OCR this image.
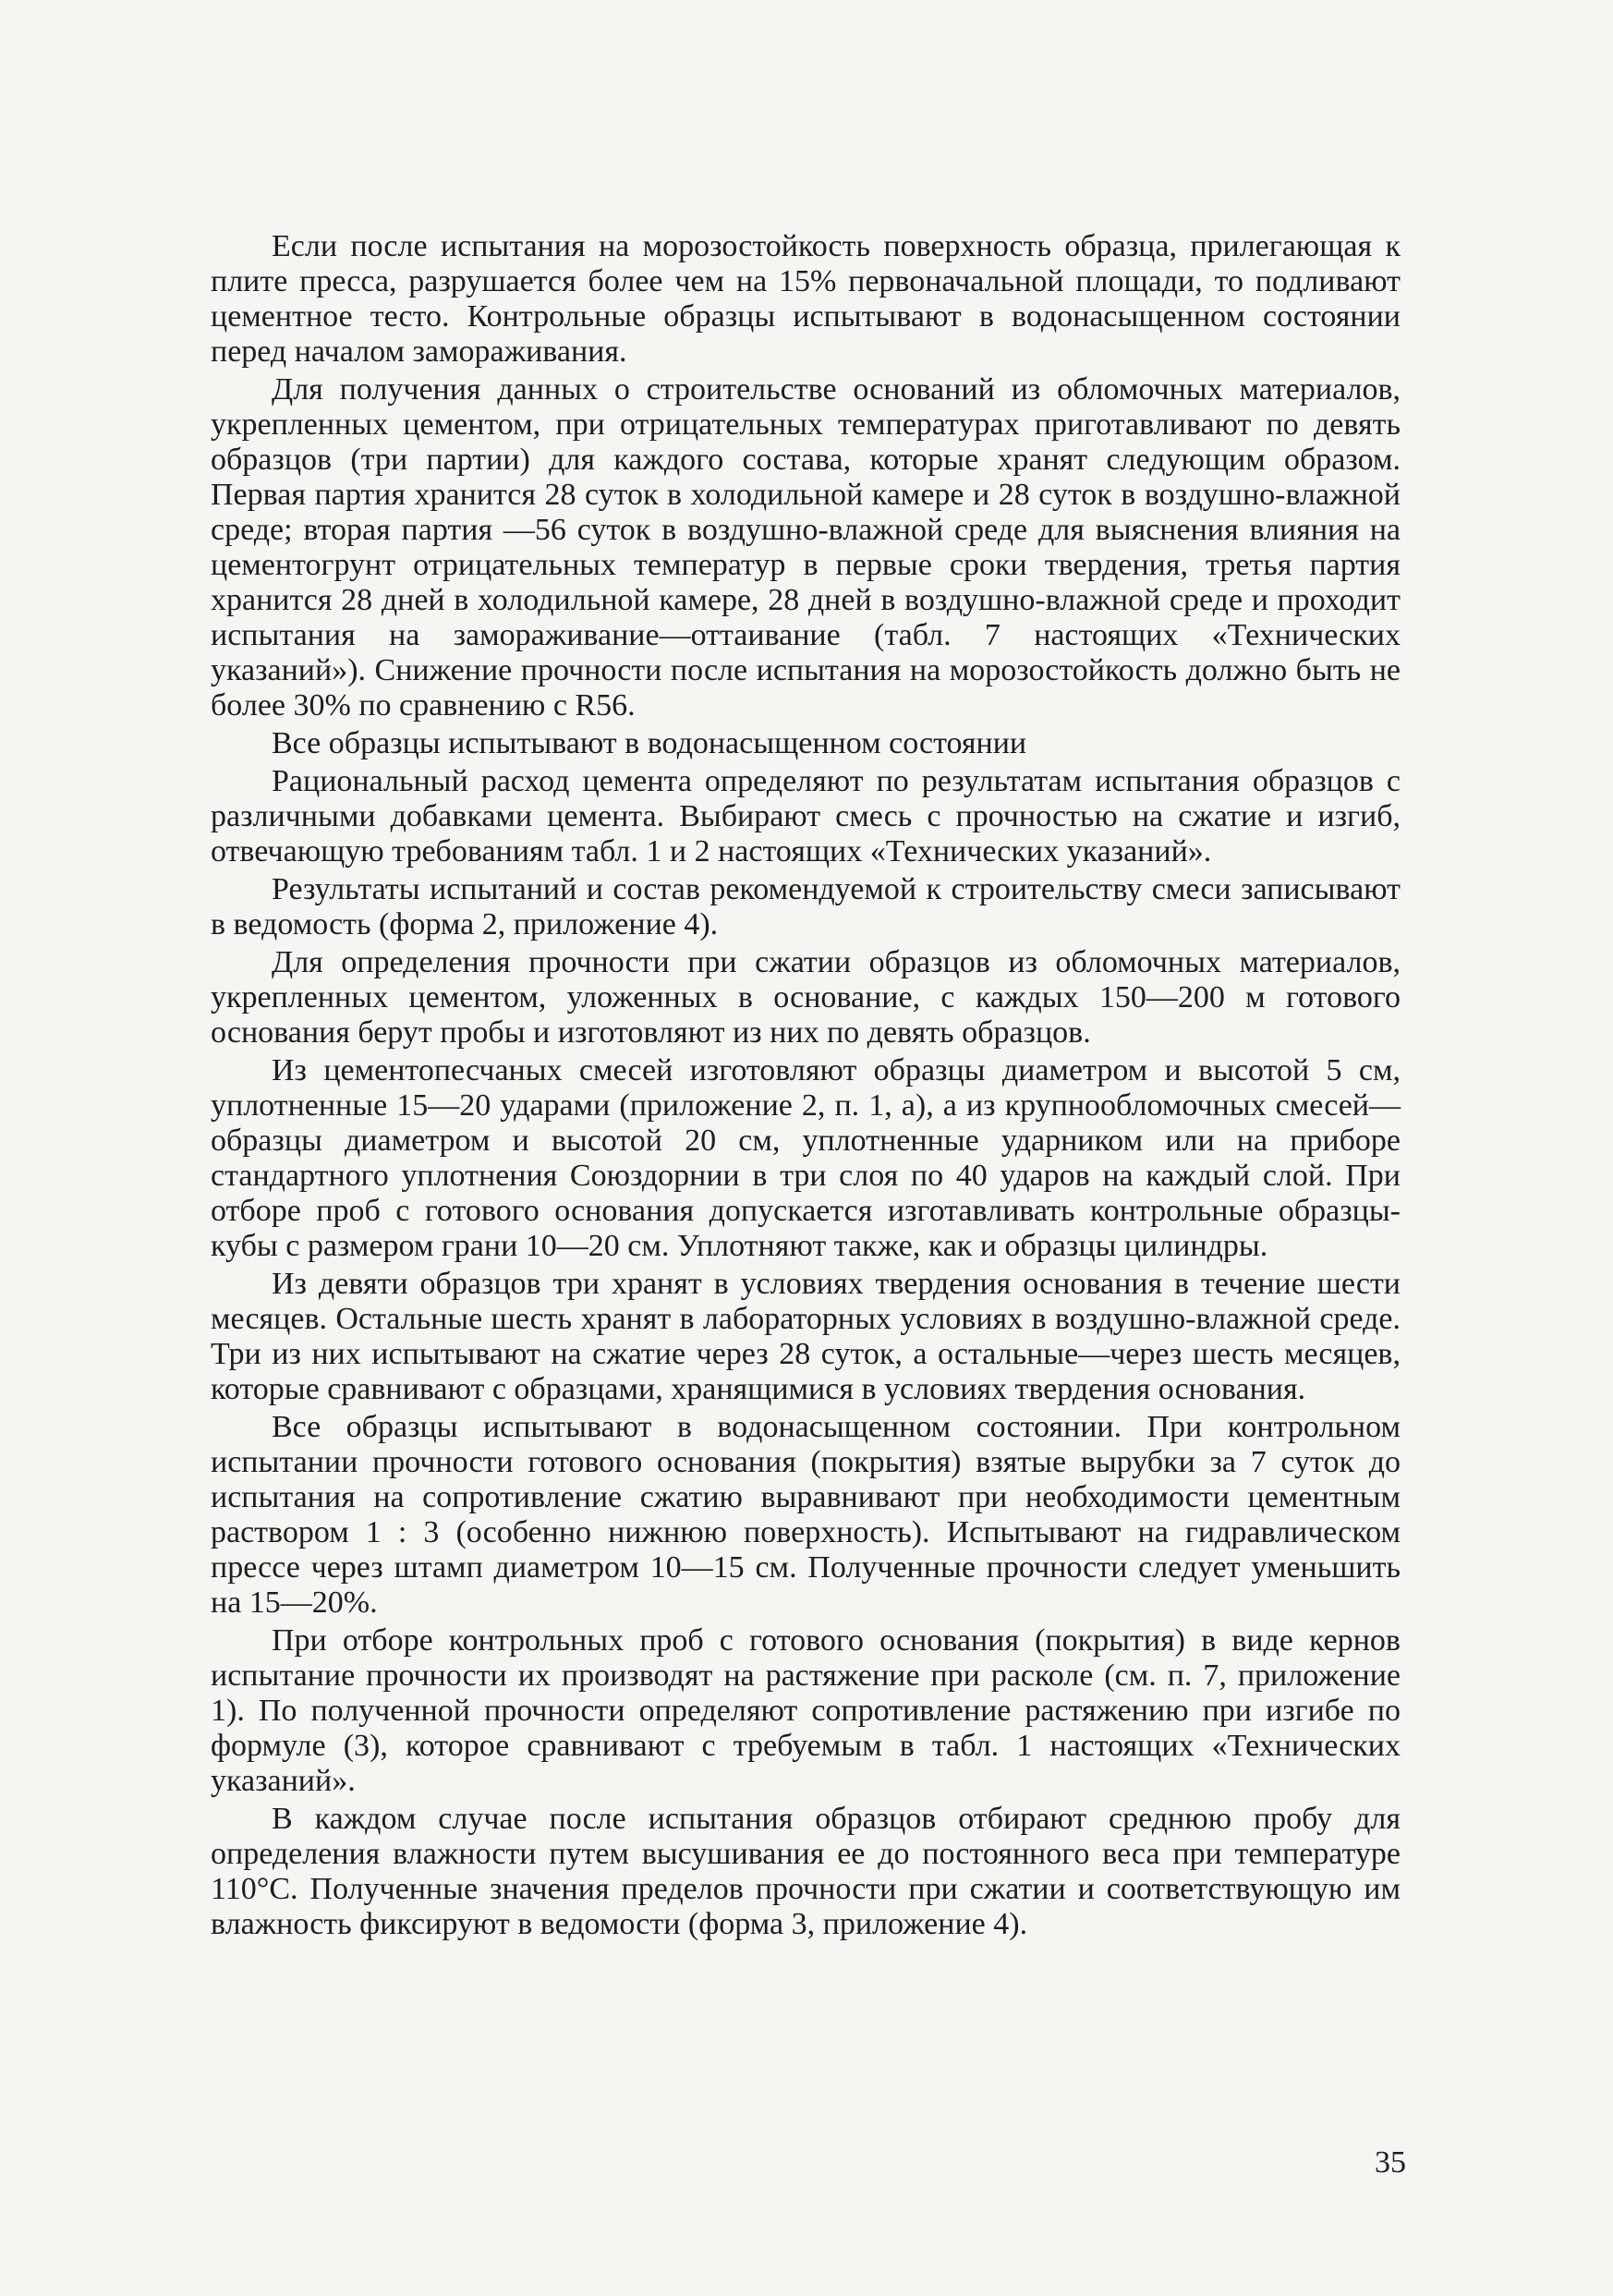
Если после испытания на морозостойкость поверхность образца, прилегающая к плите пресса, разрушается более чем на 15% первоначальной площади, то подливают цементное тесто. Контрольные образцы испытывают в водонасыщенном состоянии перед началом замораживания.

Для получения данных о строительстве оснований из обломочных материалов, укрепленных цементом, при отрицательных температурах приготавливают по девять образцов (три партии) для каждого состава, которые хранят следующим образом. Первая партия хранится 28 суток в холодильной камере и 28 суток в воздушно-влажной среде; вторая партия —56 суток в воздушно-влажной среде для выяснения влияния на цементогрунт отрицательных температур в первые сроки твердения, третья партия хранится 28 дней в холодильной камере, 28 дней в воздушно-влажной среде и проходит испытания на замораживание—оттаивание (табл. 7 настоящих «Технических указаний»). Снижение прочности после испытания на морозостойкость должно быть не более 30% по сравнению с R56.

Все образцы испытывают в водонасыщенном состоянии

Рациональный расход цемента определяют по результатам испытания образцов с различными добавками цемента. Выбирают смесь с прочностью на сжатие и изгиб, отвечающую требованиям табл. 1 и 2 настоящих «Технических указаний».

Результаты испытаний и состав рекомендуемой к строительству смеси записывают в ведомость (форма 2, приложение 4).

Для определения прочности при сжатии образцов из обломочных материалов, укрепленных цементом, уложенных в основание, с каждых 150—200 м готового основания берут пробы и изготовляют из них по девять образцов.

Из цементопесчаных смесей изготовляют образцы диаметром и высотой 5 см, уплотненные 15—20 ударами (приложение 2, п. 1, а), а из крупнообломочных смесей—образцы диаметром и высотой 20 см, уплотненные ударником или на приборе стандартного уплотнения Союздорнии в три слоя по 40 ударов на каждый слой. При отборе проб с готового основания допускается изготавливать контрольные образцы-кубы с размером грани 10—20 см. Уплотняют также, как и образцы цилиндры.

Из девяти образцов три хранят в условиях твердения основания в течение шести месяцев. Остальные шесть хранят в лабораторных условиях в воздушно-влажной среде. Три из них испытывают на сжатие через 28 суток, а остальные—через шесть месяцев, которые сравнивают с образцами, хранящимися в условиях твердения основания.

Все образцы испытывают в водонасыщенном состоянии. При контрольном испытании прочности готового основания (покрытия) взятые вырубки за 7 суток до испытания на сопротивление сжатию выравнивают при необходимости цементным раствором 1 : 3 (особенно нижнюю поверхность). Испытывают на гидравлическом прессе через штамп диаметром 10—15 см. Полученные прочности следует уменьшить на 15—20%.

При отборе контрольных проб с готового основания (покрытия) в виде кернов испытание прочности их производят на растяжение при расколе (см. п. 7, приложение 1). По полученной прочности определяют сопротивление растяжению при изгибе по формуле (3), которое сравнивают с требуемым в табл. 1 настоящих «Технических указаний».

В каждом случае после испытания образцов отбирают среднюю пробу для определения влажности путем высушивания ее до постоянного веса при температуре 110°С. Полученные значения пределов прочности при сжатии и соответствующую им влажность фиксируют в ведомости (форма 3, приложение 4).

35
